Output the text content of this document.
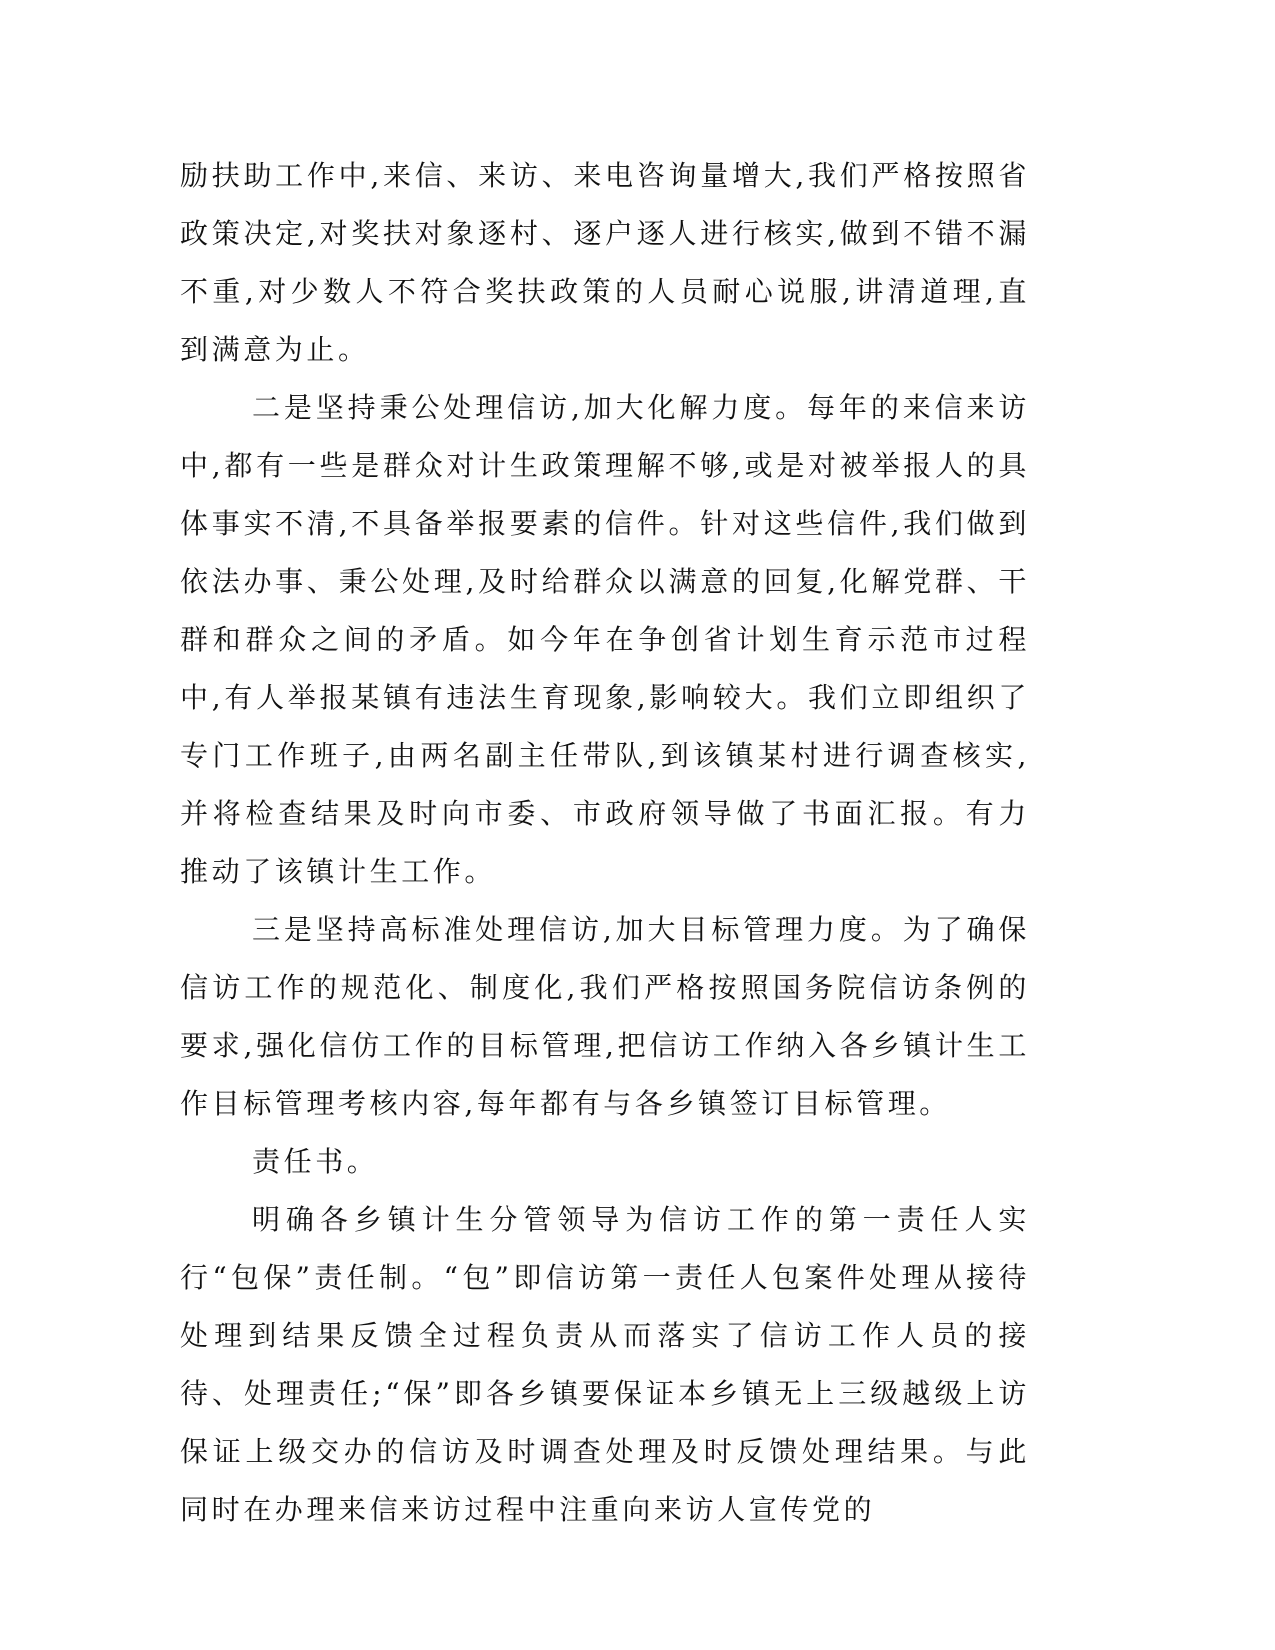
励扶助工作中,来信、来访、来电咨询量增大,我们严格按照省政策决定,对奖扶对象逐村、逐户逐人进行核实,做到不错不漏不重,对少数人不符合奖扶政策的人员耐心说服,讲清道理,直到满意为止。

二是坚持秉公处理信访,加大化解力度。每年的来信来访中,都有一些是群众对计生政策理解不够,或是对被举报人的具体事实不清,不具备举报要素的信件。针对这些信件,我们做到依法办事、秉公处理,及时给群众以满意的回复,化解党群、干群和群众之间的矛盾。如今年在争创省计划生育示范市过程中,有人举报某镇有违法生育现象,影响较大。我们立即组织了专门工作班子,由两名副主任带队,到该镇某村进行调查核实,并将检查结果及时向市委、市政府领导做了书面汇报。有力推动了该镇计生工作。

三是坚持高标准处理信访,加大目标管理力度。为了确保信访工作的规范化、制度化,我们严格按照国务院信访条例的要求,强化信仿工作的目标管理,把信访工作纳入各乡镇计生工作目标管理考核内容,每年都有与各乡镇签订目标管理。

责任书。

明确各乡镇计生分管领导为信访工作的第一责任人实行“包保”责任制。“包”即信访第一责任人包案件处理从接待处理到结果反馈全过程负责从而落实了信访工作人员的接待、处理责任;“保”即各乡镇要保证本乡镇无上三级越级上访保证上级交办的信访及时调查处理及时反馈处理结果。与此同时在办理来信来访过程中注重向来访人宣传党的
